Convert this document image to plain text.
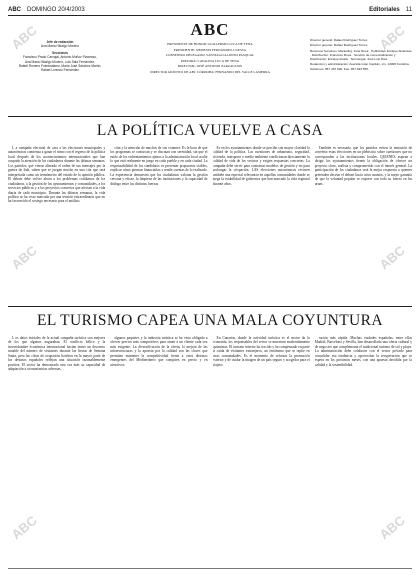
ABC DOMINGO 20/4/2003	Editoriales 11
ABC
PRESIDENTE DE HONOR: GUILLERMO LUCA DE TENA
PRESIDENTE: NEMESIO FERNÁNDEZ-CUESTA
CONSEJERO DELEGADO: SANTIAGO ALONSO PASQUAL
EDITORA: CATALINA LUCA DE TENA
DIRECTOR: JOSÉ ANTONIO ZARZALEJOS
DIRECTOR ADJUNTO DE ABC CÓRDOBA: FERNANDO DEL VALLE LASIERRA
Jefe de redacción
Ana María Hidalgo Moreno
Secciones
Francisco Prado Carvajal, Antonio Muñoz Pizarroso,
Ana María Hidalgo Moreno, Luis Sala Fernández,
Rafael Romero Fuenteálamo, María José Sánchez Martín,
Rafael Lorenzo Fernández

Director general: Rafael Rodríguez Torres

Director gerente: Rafael Rodríguez Torres

Recursos humanos: Marketing: José Roca · Publicidad: Enrique Alcántara · Distribución: Francisco Roca · Servicio de comercialización y Distribución: Enrique Alcalá · Tecnología: José Luis Díaz

Redacción y administración: Avenida Gran Capitán, s/n. 14008 Córdoba. Teléfonos: 957 497 600. Fax: 957 493 555.

LA POLÍTICA VUELVE A CASA

L a campaña electoral de cara a las elecciones municipales y autonómicas comienza a ganar el ritmo con el regreso de la política local después de los acontecimientos internacionales que han ocupado la atención de los ciudadanos durante las últimas semanas. Los partidos, que vieron alterado el orden de sus mensajes por la guerra de Irak, saben que se juegan mucho en una cita que será interpretada como un termómetro del estado de la opinión pública. El debate debe volver ahora a los problemas cotidianos de los ciudadanos, a la gestión de los ayuntamientos y comunidades, a los servicios públicos y a los proyectos concretos que afectan a la vida diaria de cada municipio. Durante las últimas semanas, la vida política se ha visto marcada por una tensión extraordinaria que no ha favorecido el sosiego necesario para el análisis.

ción y la atención de muchos de sus votantes. Es la hora de que los programas se conozcan y se discutan con serenidad, sin que el ruido de los enfrentamientos ajenos a la administración local oculte lo que está realmente en juego en cada pueblo y en cada ciudad. La responsabilidad de los candidatos es presentar propuestas viables, explicar cómo piensan financiarlas y rendir cuentas de lo realizado. La experiencia demuestra que los ciudadanos valoran la gestión cercana y eficaz, la limpieza de las instituciones y la capacidad de diálogo entre las distintas fuerzas.

Es en los ayuntamientos donde se percibe con mayor claridad la calidad de la política. Las cuestiones de urbanismo, seguridad, vivienda, transporte o medio ambiente condicionan directamente la calidad de vida de los vecinos y exigen respuestas concretas. La campaña debe servir para contrastar modelos de gestión y no para prolongar la crispación. LAS elecciones autonómicas revisten también una especial relevancia en aquellas comunidades donde se juega la estabilidad de gobiernos que han marcado la vida regional durante años.

También es necesario que los partidos eviten la tentación de convertir estas elecciones en un plebiscito sobre cuestiones que no corresponden a las instituciones locales. QUIENES aspiran a dirigir los ayuntamientos tienen la obligación de ofrecer un proyecto claro, realista y comprometido con el interés general. La participación de los ciudadanos será la mejor respuesta a quienes pretenden desviar el debate hacia otros asuntos, y la mejor garantía de que la voluntad popular se exprese con toda su fuerza en las urnas.

EL TURISMO CAPEA UNA MALA COYUNTURA

L os datos iniciales de la actual campaña turística son mejores de los que algunos auguraban. El conflicto bélico y la incertidumbre económica internacional hacían temer un descenso notable del número de visitantes durante las fiestas de Semana Santa, pero las cifras de ocupación hotelera en la mayor parte de los destinos españoles reflejan una situación razonablemente positiva. El sector ha demostrado una vez más su capacidad de adaptación a circunstancias adversas.

algunos paquetes y la industria turística se ha visto obligada a ofrecer precios más competitivos para atraer a un cliente cada vez más exigente. La diversificación de la oferta, la mejora de las infraestructuras y la apuesta por la calidad son las claves que permiten mantener la competitividad frente a otros destinos emergentes del Mediterráneo que compiten en precio y en atractivos.

En Canarias, donde la actividad turística es el motor de la economía, los responsables del sector se muestran moderadamente optimistas. El turismo interior ha crecido y ha compensado en parte la caída de visitantes extranjeros, un fenómeno que se repite en otras comunidades. Es el momento de reforzar la promoción exterior y de cuidar la imagen de un país seguro y acogedor para el viajero.

ración más rápida. Muchas ciudades españolas, entre ellas Madrid, Barcelona y Sevilla, han desarrollado una oferta cultural y de negocios que complementa el tradicional turismo de sol y playa. La administración debe colaborar con el sector privado para consolidar esa tendencia y aprovechar la recuperación que se espera en los próximos meses, con una apuesta decidida por la calidad y la sostenibilidad.

ABC	ABC
ABC	ABC
ABC	ABC
